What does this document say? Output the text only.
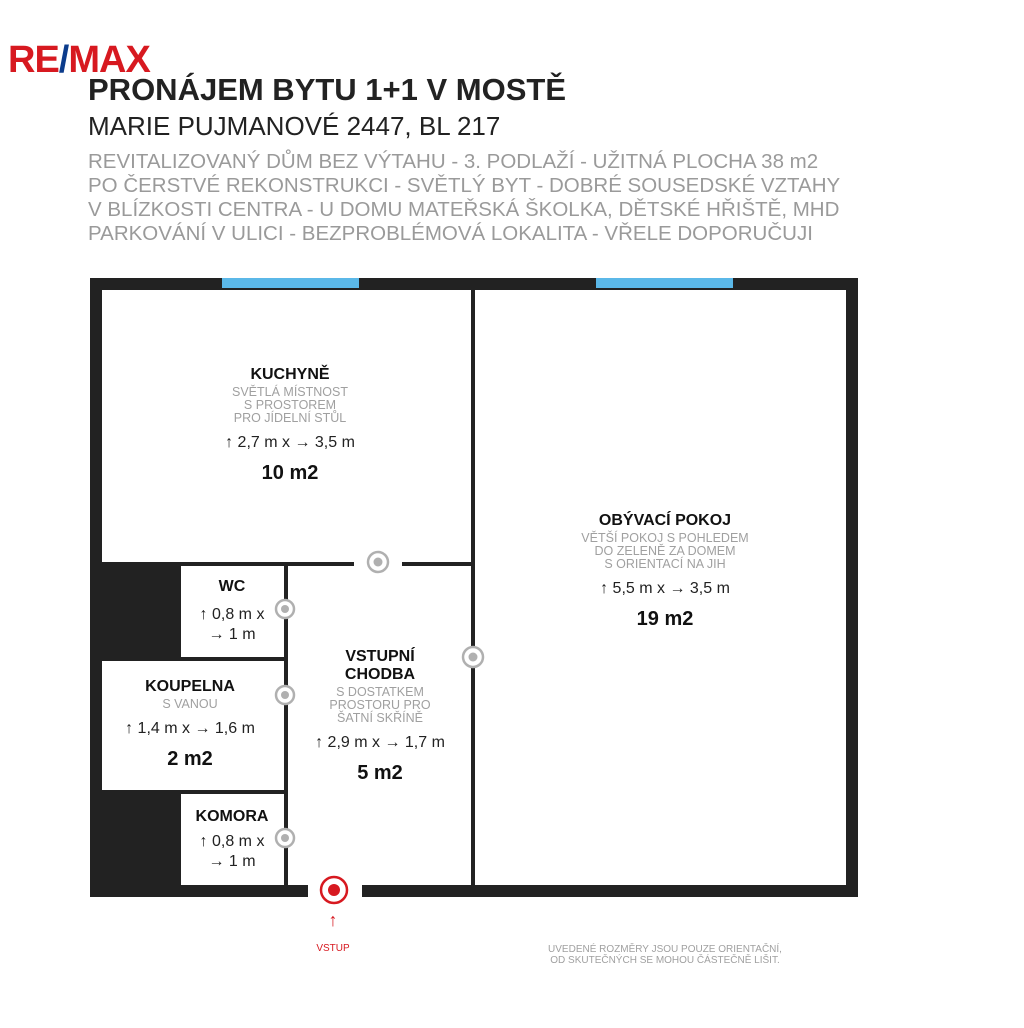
RE/MAX
PRONÁJEM BYTU 1+1 V MOSTĚ
MARIE PUJMANOVÉ 2447, BL 217
REVITALIZOVANÝ DŮM BEZ VÝTAHU - 3. PODLAŽÍ - UŽITNÁ PLOCHA 38 m2
PO ČERSTVÉ REKONSTRUKCI - SVĚTLÝ BYT - DOBRÉ SOUSEDSKÉ VZTAHY
V BLÍZKOSTI CENTRA - U DOMU MATEŘSKÁ ŠKOLKA, DĚTSKÉ HŘIŠTĚ, MHD
PARKOVÁNÍ V ULICI - BEZPROBLÉMOVÁ LOKALITA - VŘELE DOPORUČUJI
KUCHYNĚ
SVĚTLÁ MÍSTNOST
S PROSTOREM
PRO JÍDELNÍ STŮL
↑ 2,7 m x → 3,5 m
10 m2
OBÝVACÍ POKOJ
VĚTŠÍ POKOJ S POHLEDEM
DO ZELENĚ ZA DOMEM
S ORIENTACÍ NA JIH
↑ 5,5 m x → 3,5 m
19 m2
WC
↑ 0,8 m x
→ 1 m
KOUPELNA
S VANOU
↑ 1,4 m x → 1,6 m
2 m2
VSTUPNÍ
CHODBA
S DOSTATKEM
PROSTORU PRO
ŠATNÍ SKŘÍNĚ
↑ 2,9 m x → 1,7 m
5 m2
KOMORA
↑ 0,8 m x
→ 1 m
↑
VSTUP	UVEDENÉ ROZMĚRY JSOU POUZE ORIENTAČNÍ,
OD SKUTEČNÝCH SE MOHOU ČÁSTEČNĚ LIŠIT.
